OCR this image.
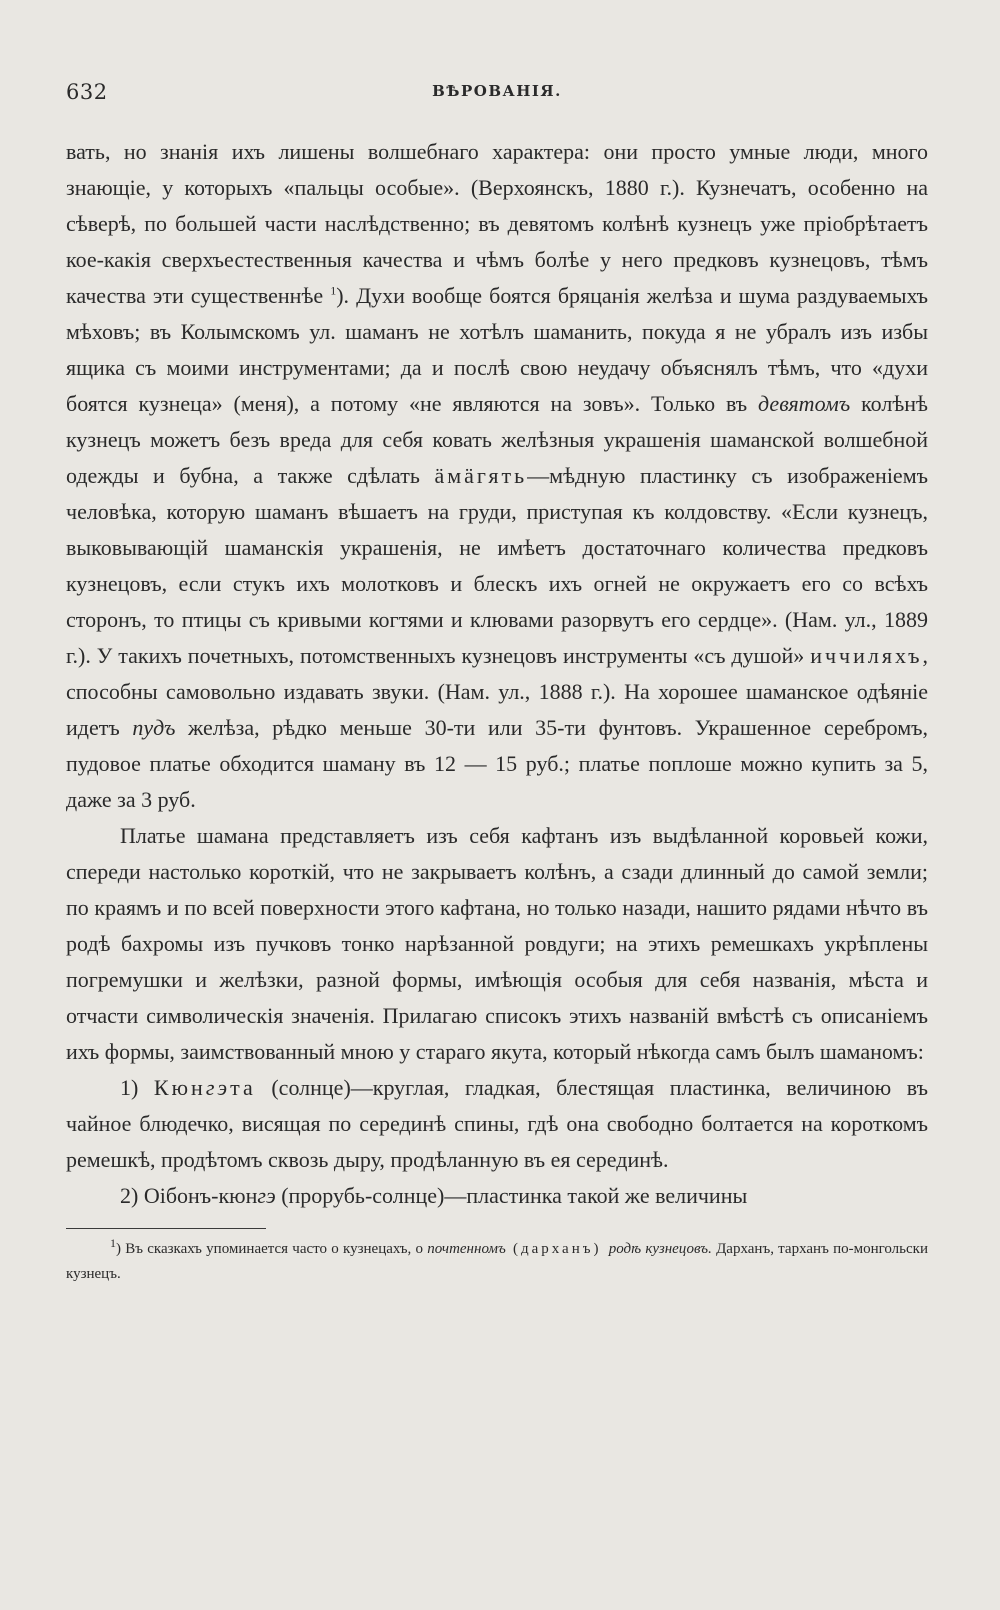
632	ВѢРОВАНІЯ.

вать, но знанія ихъ лишены волшебнаго характера: они просто умные люди, много знающіе, у которыхъ «пальцы особые». (Верхоянскъ, 1880 г.). Кузнечатъ, особенно на сѣверѣ, по большей части наслѣдственно; въ девятомъ колѣнѣ кузнецъ уже пріобрѣтаетъ кое-какія сверхъестественныя качества и чѣмъ болѣе у него предковъ кузнецовъ, тѣмъ качества эти существеннѣе $^1$). Духи вообще боятся бряцанія желѣза и шума раздуваемыхъ мѣховъ; въ Колымскомъ ул. шаманъ не хотѣлъ шаманить, покуда я не убралъ изъ избы ящика съ моими инструментами; да и послѣ свою неудачу объяснялъ тѣмъ, что «духи боятся кузнеца» (меня), а потому «не являются на зовъ». Только въ девятомъ колѣнѣ кузнецъ можетъ безъ вреда для себя ковать желѣзныя украшенія шаманской волшебной одежды и бубна, а также сдѣлать ӓмӓгять—мѣдную пластинку съ изображеніемъ человѣка, которую шаманъ вѣшаетъ на груди, приступая къ колдовству. «Если кузнецъ, выковывающій шаманскія украшенія, не имѣетъ достаточнаго количества предковъ кузнецовъ, если стукъ ихъ молотковъ и блескъ ихъ огней не окружаетъ его со всѣхъ сторонъ, то птицы съ кривыми когтями и клювами разорвутъ его сердце». (Нам. ул., 1889 г.). У такихъ почетныхъ, потомственныхъ кузнецовъ инструменты «съ душой» иччиляхъ, способны самовольно издавать звуки. (Нам. ул., 1888 г.). На хорошее шаманское одѣяніе идетъ пудъ желѣза, рѣдко меньше 30-ти или 35-ти фунтовъ. Украшенное серебромъ, пудовое платье обходится шаману въ 12 — 15 руб.; платье поплоше можно купить за 5, даже за 3 руб.

Платье шамана представляетъ изъ себя кафтанъ изъ выдѣланной коровьей кожи, спереди настолько короткій, что не закрываетъ колѣнъ, а сзади длинный до самой земли; по краямъ и по всей поверхности этого кафтана, но только назади, нашито рядами нѣчто въ родѣ бахромы изъ пучковъ тонко нарѣзанной ровдуги; на этихъ ремешкахъ укрѣплены погремушки и желѣзки, разной формы, имѣющія особыя для себя названія, мѣста и отчасти символическія значенія. Прилагаю списокъ этихъ названій вмѣстѣ съ описаніемъ ихъ формы, заимствованный мною у стараго якута, который нѣкогда самъ былъ шаманомъ:

1) Кюнгэта (солнце)—круглая, гладкая, блестящая пластинка, величиною въ чайное блюдечко, висящая по серединѣ спины, гдѣ она свободно болтается на короткомъ ремешкѣ, продѣтомъ сквозь дыру, продѣланную въ ея серединѣ.

2) Оібонъ-кюнгэ (прорубь-солнце)—пластинка такой же величины

$^1$) Въ сказкахъ упоминается часто о кузнецахъ, о почтенномъ (дарханъ) родѣ кузнецовъ. Дарханъ, тарханъ по-монгольски кузнецъ.
